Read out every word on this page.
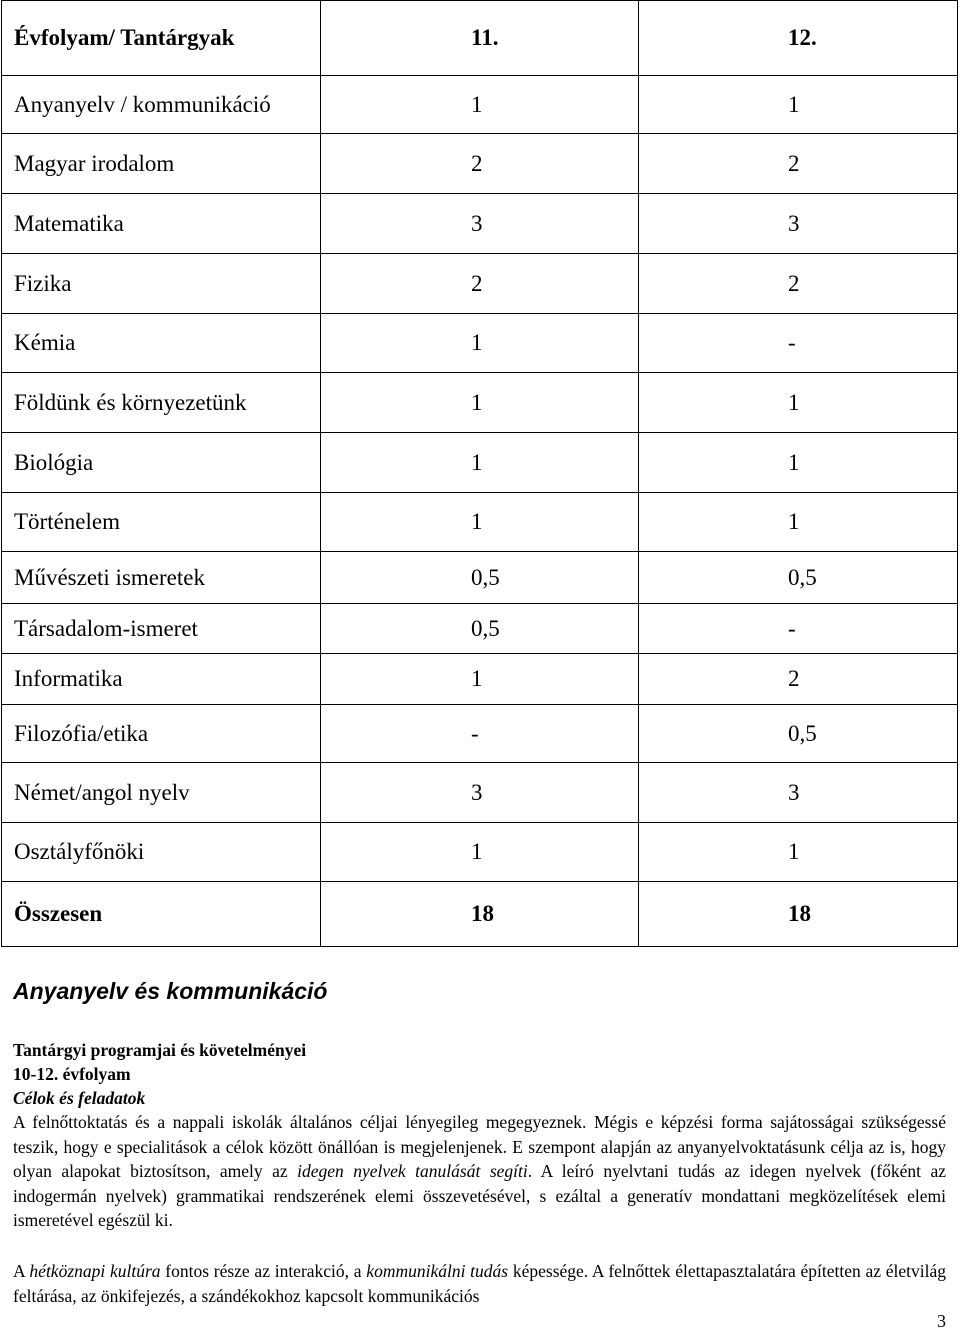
Évfolyam/ Tantárgyak	11.	12.
Anyanyelv / kommunikáció	1	1
Magyar irodalom	2	2
Matematika	3	3
Fizika	2	2
Kémia	1	-
Földünk és környezetünk	1	1
Biológia	1	1
Történelem	1	1
Művészeti ismeretek	0,5	0,5
Társadalom-ismeret	0,5	-
Informatika	1	2
Filozófia/etika	-	0,5
Német/angol nyelv	3	3
Osztályfőnöki	1	1
Összesen	18	18
Anyanyelv és kommunikáció
Tantárgyi programjai és követelményei
10-12. évfolyam
Célok és feladatok
A felnőttoktatás és a nappali iskolák általános céljai lényegileg megegyeznek. Mégis e képzési forma sajátosságai szükségessé teszik, hogy e specialitások a célok között önállóan is megjelenjenek. E szempont alapján az anyanyelvoktatásunk célja az is, hogy olyan alapokat biztosítson, amely az idegen nyelvek tanulását segíti. A leíró nyelvtani tudás az idegen nyelvek (főként az indogermán nyelvek) grammatikai rendszerének elemi összevetésével, s ezáltal a generatív mondattani megközelítések elemi ismeretével egészül ki.
A hétköznapi kultúra fontos része az interakció, a kommunikálni tudás képessége. A felnőttek élettapasztalatára építetten az életvilág feltárása, az önkifejezés, a szándékokhoz kapcsolt kommunikációs
3
